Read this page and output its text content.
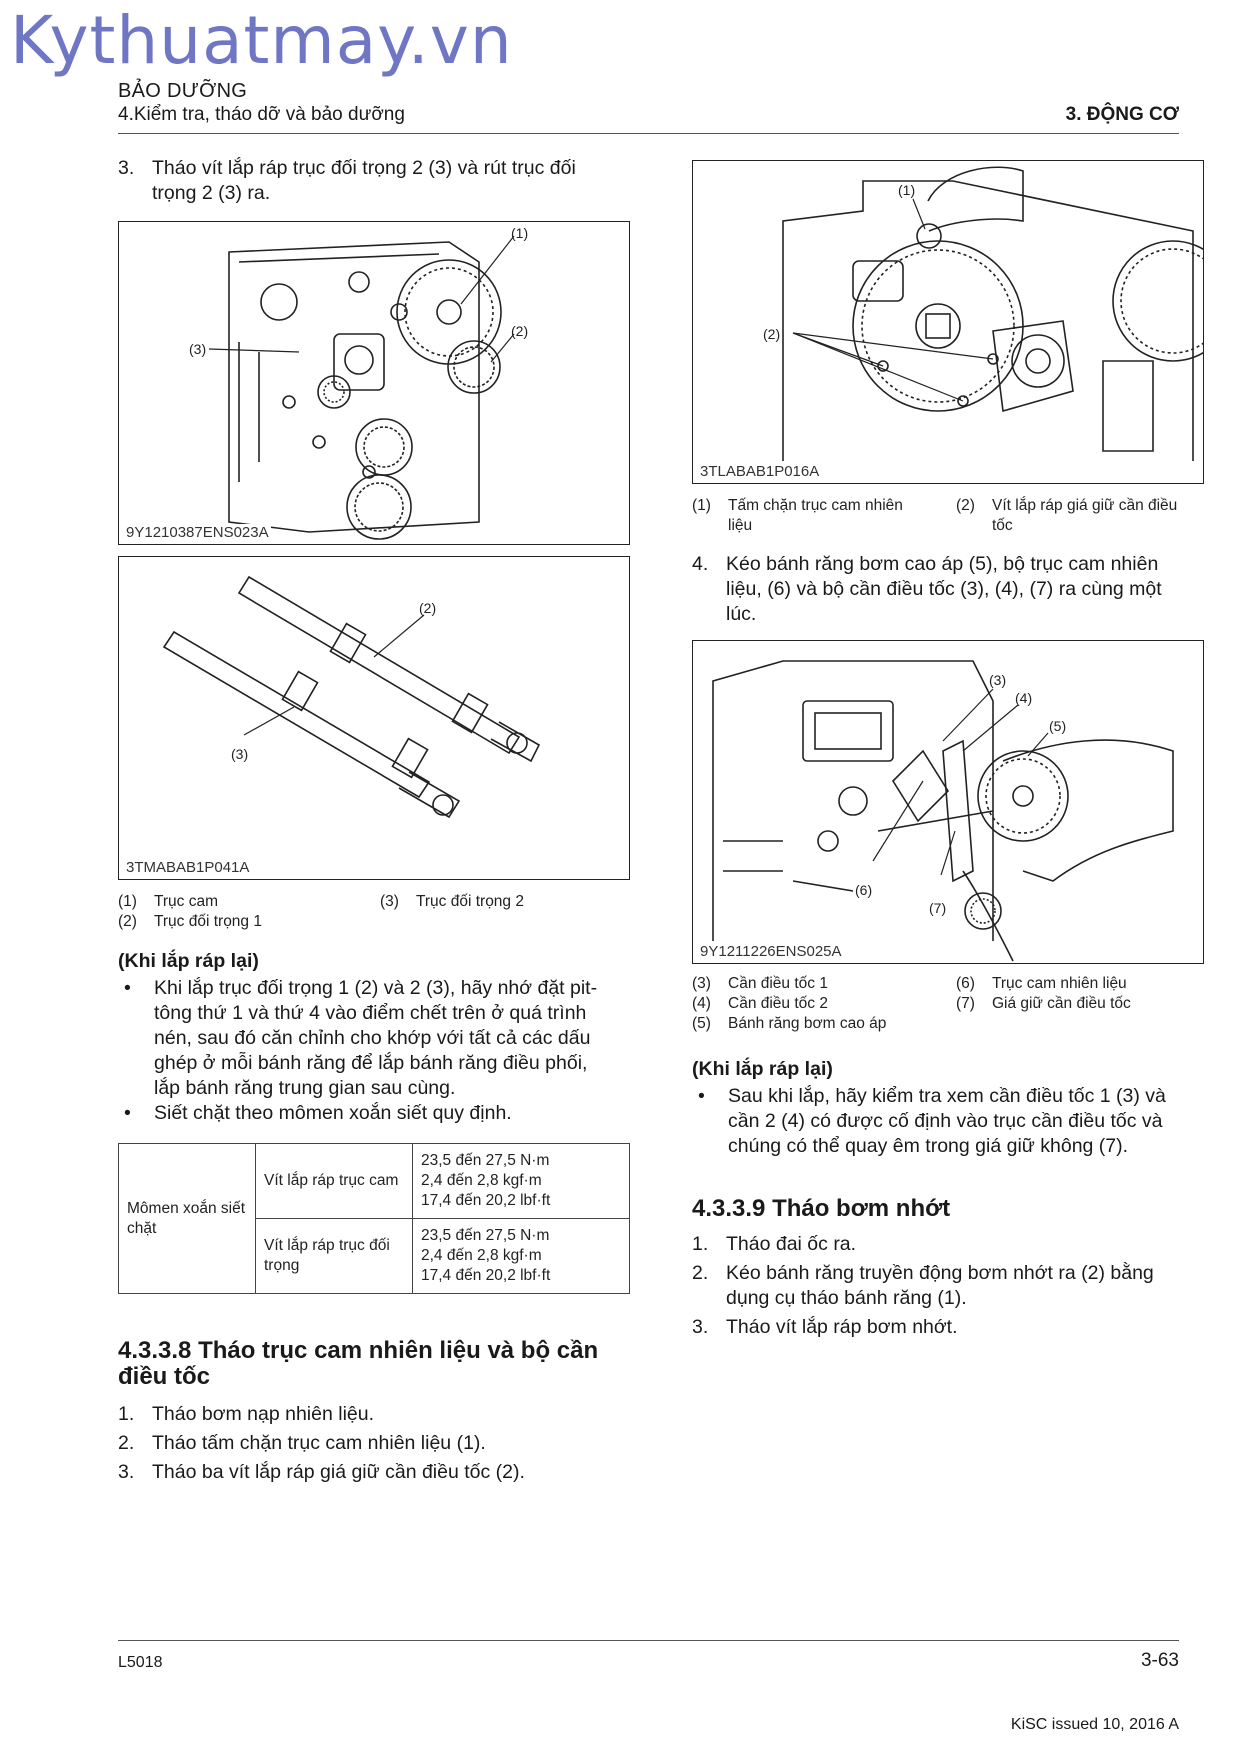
Kythuatmay.vn
BẢO DƯỠNG
4.Kiểm tra, tháo dỡ và bảo dưỡng	3. ĐỘNG CƠ
3. Tháo vít lắp ráp trục đối trọng 2 (3) và rút trục đối
trọng 2 (3) ra.
(1)
(2)
(3)
9Y1210387ENS023A
(2)
(3)
3TMABAB1P041A
(1) Trục cam	(3) Trục đối trọng 2
(2) Trục đối trọng 1
(Khi lắp ráp lại)
•	Khi lắp trục đối trọng 1 (2) và 2 (3), hãy nhớ đặt pit-
tông thứ 1 và thứ 4 vào điểm chết trên ở quá trình
nén, sau đó căn chỉnh cho khớp với tất cả các dấu
ghép ở mỗi bánh răng để lắp bánh răng điều phối,
lắp bánh răng trung gian sau cùng.
•	Siết chặt theo mômen xoắn siết quy định.
Mômen xoắn siết chặt	Vít lắp ráp trục cam	23,5 đến 27,5 N·m
2,4 đến 2,8 kgf·m
17,4 đến 20,2 lbf·ft

	Vít lắp ráp trục đối trọng	23,5 đến 27,5 N·m
2,4 đến 2,8 kgf·m
17,4 đến 20,2 lbf·ft
4.3.3.8 Tháo trục cam nhiên liệu và bộ cần
điều tốc
1. Tháo bơm nạp nhiên liệu.
2. Tháo tấm chặn trục cam nhiên liệu (1).
3. Tháo ba vít lắp ráp giá giữ cần điều tốc (2).
(1)
(2)
3TLABAB1P016A
(1) Tấm chặn trục cam nhiên
liệu
(2) Vít lắp ráp giá giữ cần điều
tốc
4. Kéo bánh răng bơm cao áp (5), bộ trục cam nhiên
liệu, (6) và bộ cần điều tốc (3), (4), (7) ra cùng một
lúc.
(3)
(4)
(5)
(6)
(7)
9Y1211226ENS025A
(3) Cần điều tốc 1	(6) Trục cam nhiên liệu
(4) Cần điều tốc 2	(7) Giá giữ cần điều tốc
(5) Bánh răng bơm cao áp
(Khi lắp ráp lại)
•	Sau khi lắp, hãy kiểm tra xem cần điều tốc 1 (3) và
cần 2 (4) có được cố định vào trục cần điều tốc và
chúng có thể quay êm trong giá giữ không (7).
4.3.3.9 Tháo bơm nhớt
1. Tháo đai ốc ra.
2. Kéo bánh răng truyền động bơm nhớt ra (2) bằng
dụng cụ tháo bánh răng (1).
3. Tháo vít lắp ráp bơm nhớt.
L5018	3-63
KiSC issued 10, 2016 A
